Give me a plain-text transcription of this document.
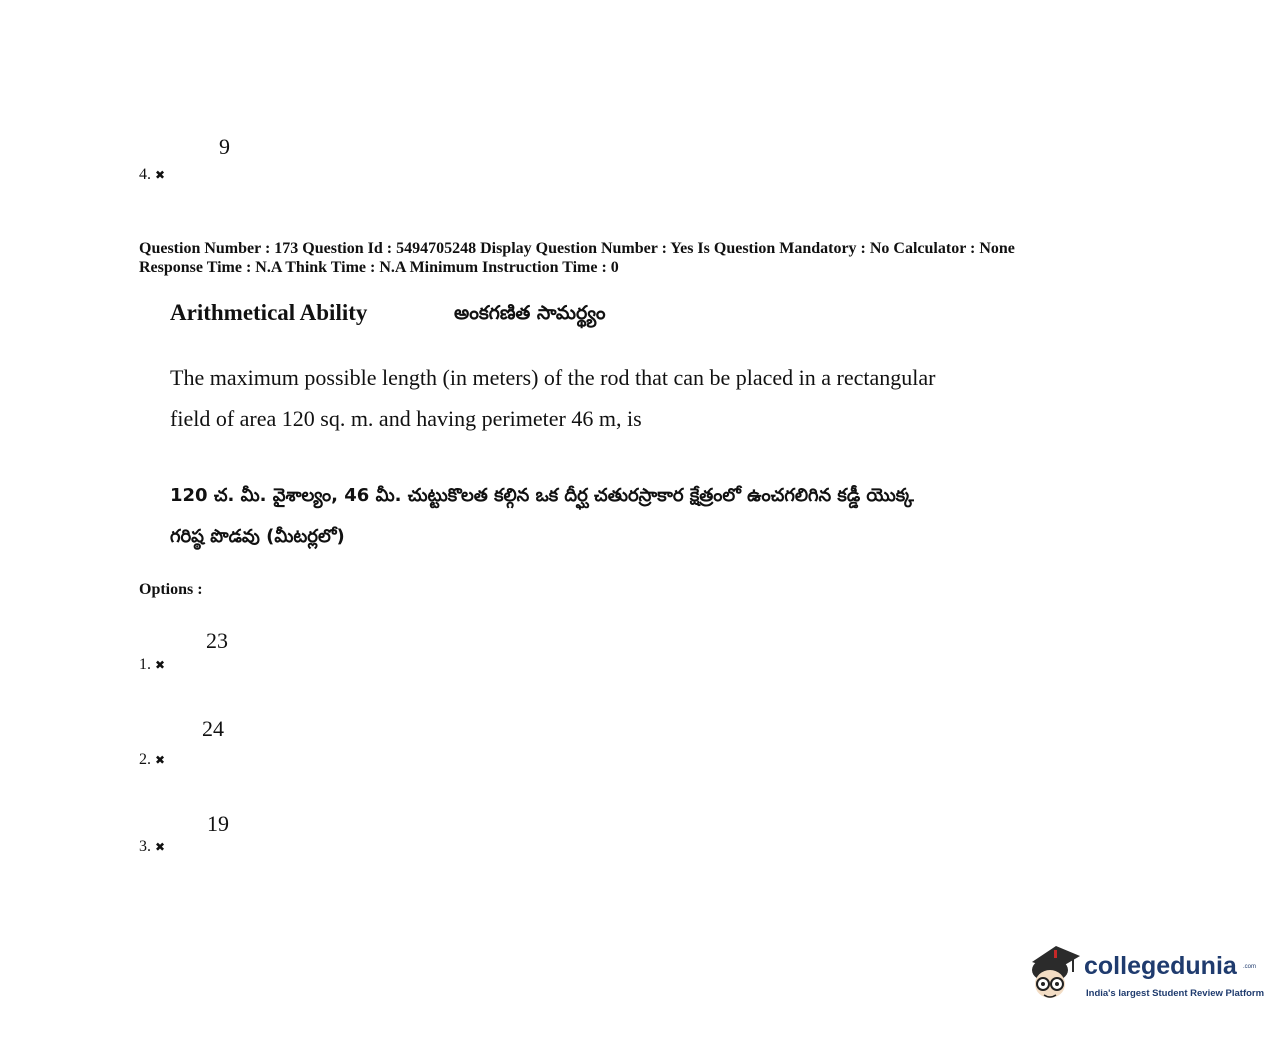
9
4. ✖
Question Number : 173 Question Id : 5494705248 Display Question Number : Yes Is Question Mandatory : No Calculator : None
Response Time : N.A Think Time : N.A Minimum Instruction Time : 0
Arithmetical Ability	అంకగణిత సామర్థ్యం
The maximum possible length (in meters) of the rod that can be placed in a rectangular
field of area 120 sq. m. and having perimeter 46 m, is
120 చ. మీ. వైశాల్యం, 46 మీ. చుట్టుకొలత కల్గిన ఒక దీర్ఘ చతురస్రాకార క్షేత్రంలో ఉంచగలిగిన కడ్డీ యొక్క
గరిష్ఠ పొడవు (మీటర్లలో)
Options :
23
1. ✖
24
2. ✖
19
3. ✖
collegedunia .com
India's largest Student Review Platform
